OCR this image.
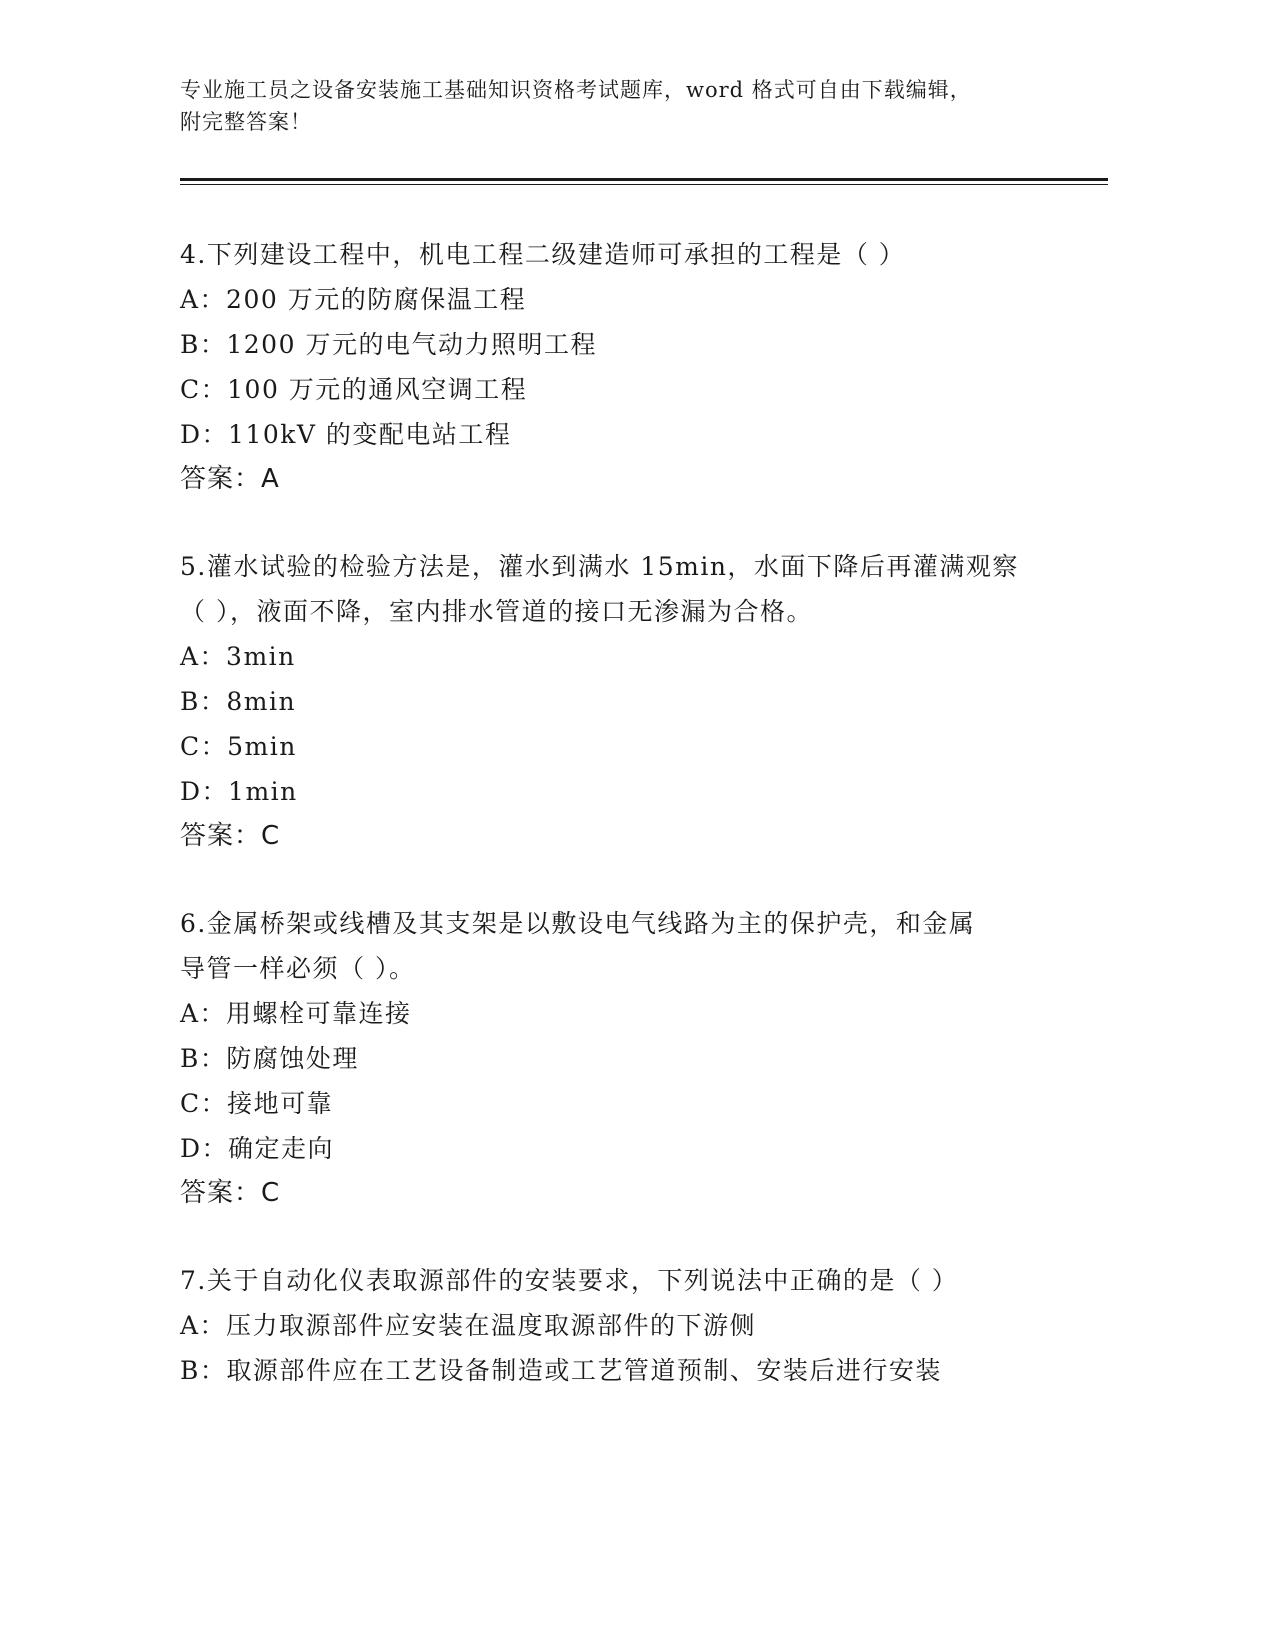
专业施工员之设备安装施工基础知识资格考试题库，word 格式可自由下载编辑，
附完整答案！
4.下列建设工程中，机电工程二级建造师可承担的工程是（ ）
A：200 万元的防腐保温工程
B：1200 万元的电气动力照明工程
C：100 万元的通风空调工程
D：110kV 的变配电站工程
答案：A
5.灌水试验的检验方法是，灌水到满水 15min，水面下降后再灌满观察
（ ），液面不降，室内排水管道的接口无渗漏为合格。
A：3min
B：8min
C：5min
D：1min
答案：C
6.金属桥架或线槽及其支架是以敷设电气线路为主的保护壳，和金属
导管一样必须（ ）。
A：用螺栓可靠连接
B：防腐蚀处理
C：接地可靠
D：确定走向
答案：C
7.关于自动化仪表取源部件的安装要求，下列说法中正确的是（ ）
A：压力取源部件应安装在温度取源部件的下游侧
B：取源部件应在工艺设备制造或工艺管道预制、安装后进行安装
